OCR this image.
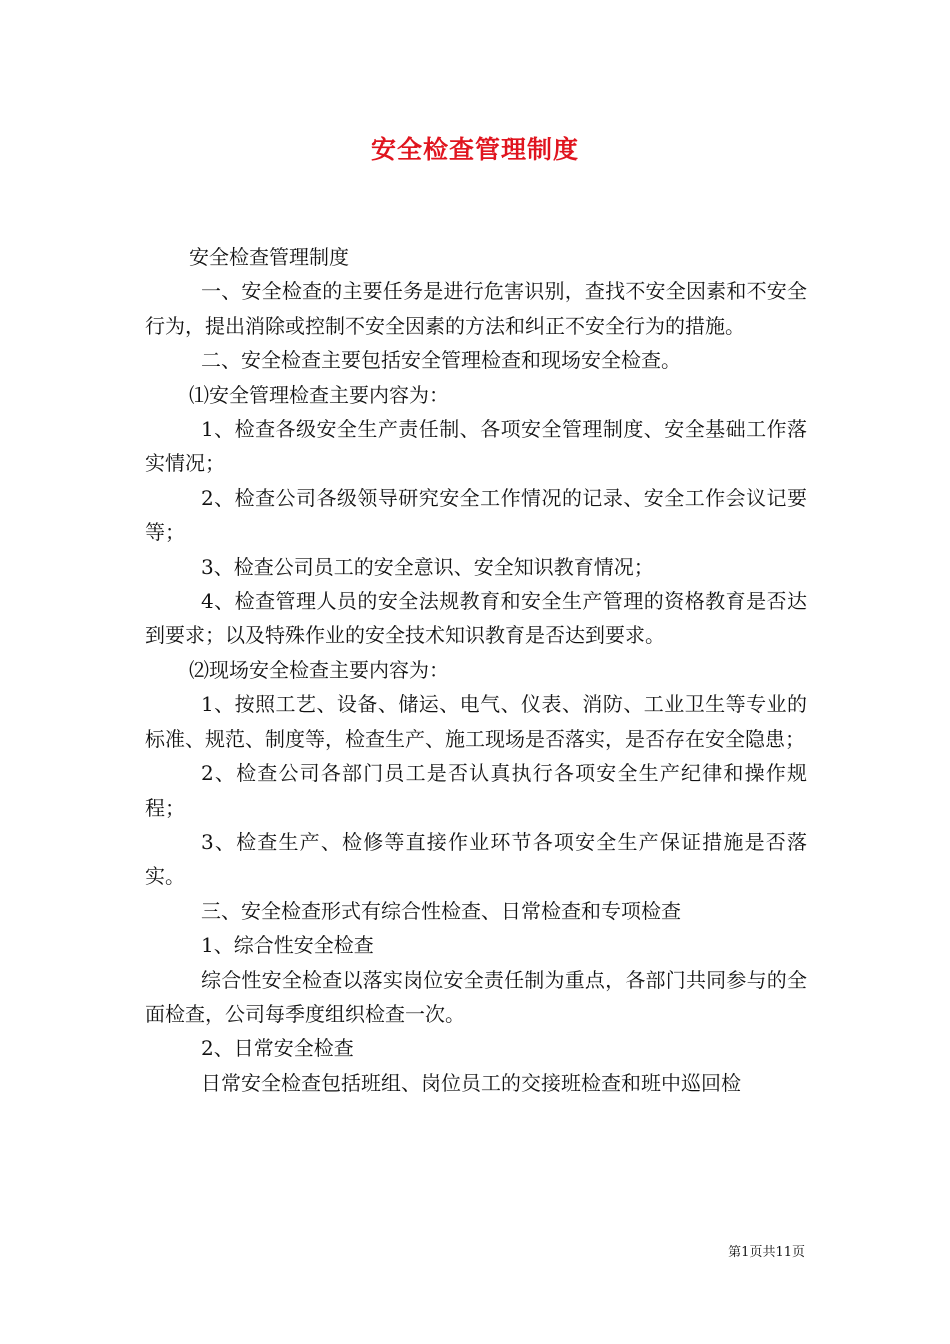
安全检查管理制度

安全检查管理制度

一、安全检查的主要任务是进行危害识别，查找不安全因素和不安全行为，提出消除或控制不安全因素的方法和纠正不安全行为的措施。

二、安全检查主要包括安全管理检查和现场安全检查。

⑴安全管理检查主要内容为：

1、检查各级安全生产责任制、各项安全管理制度、安全基础工作落实情况；

2、检查公司各级领导研究安全工作情况的记录、安全工作会议记要等；

3、检查公司员工的安全意识、安全知识教育情况；

4、检查管理人员的安全法规教育和安全生产管理的资格教育是否达到要求；以及特殊作业的安全技术知识教育是否达到要求。

⑵现场安全检查主要内容为：

1、按照工艺、设备、储运、电气、仪表、消防、工业卫生等专业的标准、规范、制度等，检查生产、施工现场是否落实，是否存在安全隐患；

2、检查公司各部门员工是否认真执行各项安全生产纪律和操作规程；

3、检查生产、检修等直接作业环节各项安全生产保证措施是否落实。

三、安全检查形式有综合性检查、日常检查和专项检查

1、综合性安全检查

综合性安全检查以落实岗位安全责任制为重点，各部门共同参与的全面检查，公司每季度组织检查一次。

2、日常安全检查

日常安全检查包括班组、岗位员工的交接班检查和班中巡回检

第1页共11页
